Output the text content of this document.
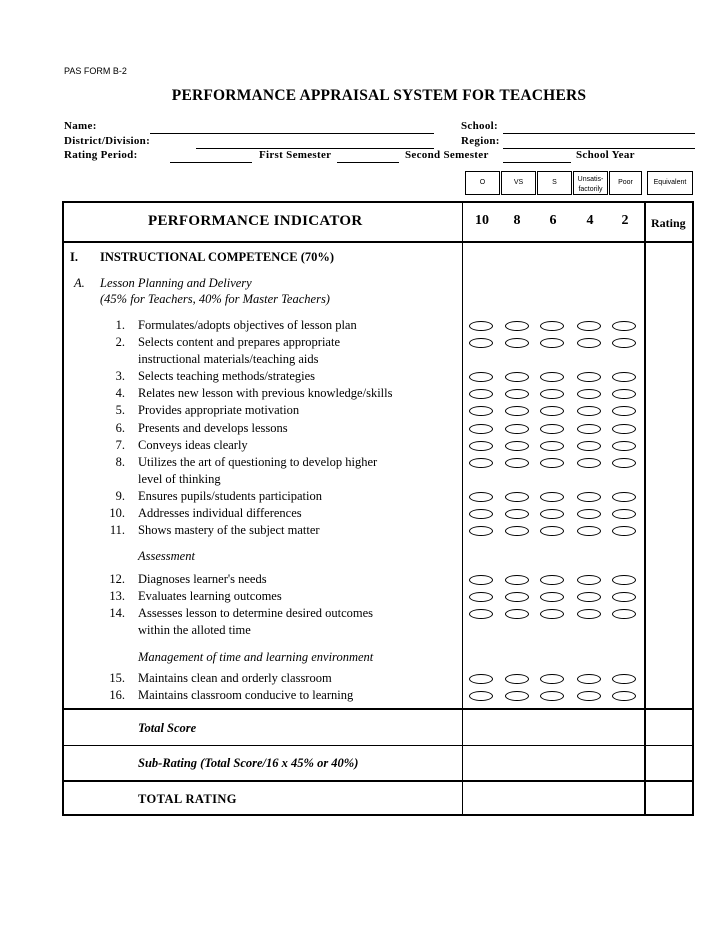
PAS FORM B-2
PERFORMANCE APPRAISAL SYSTEM FOR TEACHERS
Name:	School:
District/Division:	Region:
Rating Period:	First Semester	Second Semester	School Year
O	VS	S	Unsatis-
factorily
Poor	Equivalent
PERFORMANCE INDICATOR	10	8	6	4	2	Rating
I. INSTRUCTIONAL COMPETENCE (70%)
A. Lesson Planning and Delivery
(45% for Teachers, 40% for Master Teachers)
1. Formulates/adopts objectives of lesson plan
2. Selects content and prepares appropriate
instructional materials/teaching aids
3. Selects teaching methods/strategies
4. Relates new lesson with previous knowledge/skills
5. Provides appropriate motivation
6. Presents and develops lessons
7. Conveys ideas clearly
8. Utilizes the art of questioning to develop higher
level of thinking
9. Ensures pupils/students participation
10. Addresses individual differences
11. Shows mastery of the subject matter
12. Diagnoses learner's needs
13. Evaluates learning outcomes
14. Assesses lesson to determine desired outcomes
within the alloted time
15. Maintains clean and orderly classroom
16. Maintains classroom conducive to learning
Assessment
Management of time and learning environment
Total Score
Sub-Rating (Total Score/16 x 45% or 40%)
TOTAL RATING
